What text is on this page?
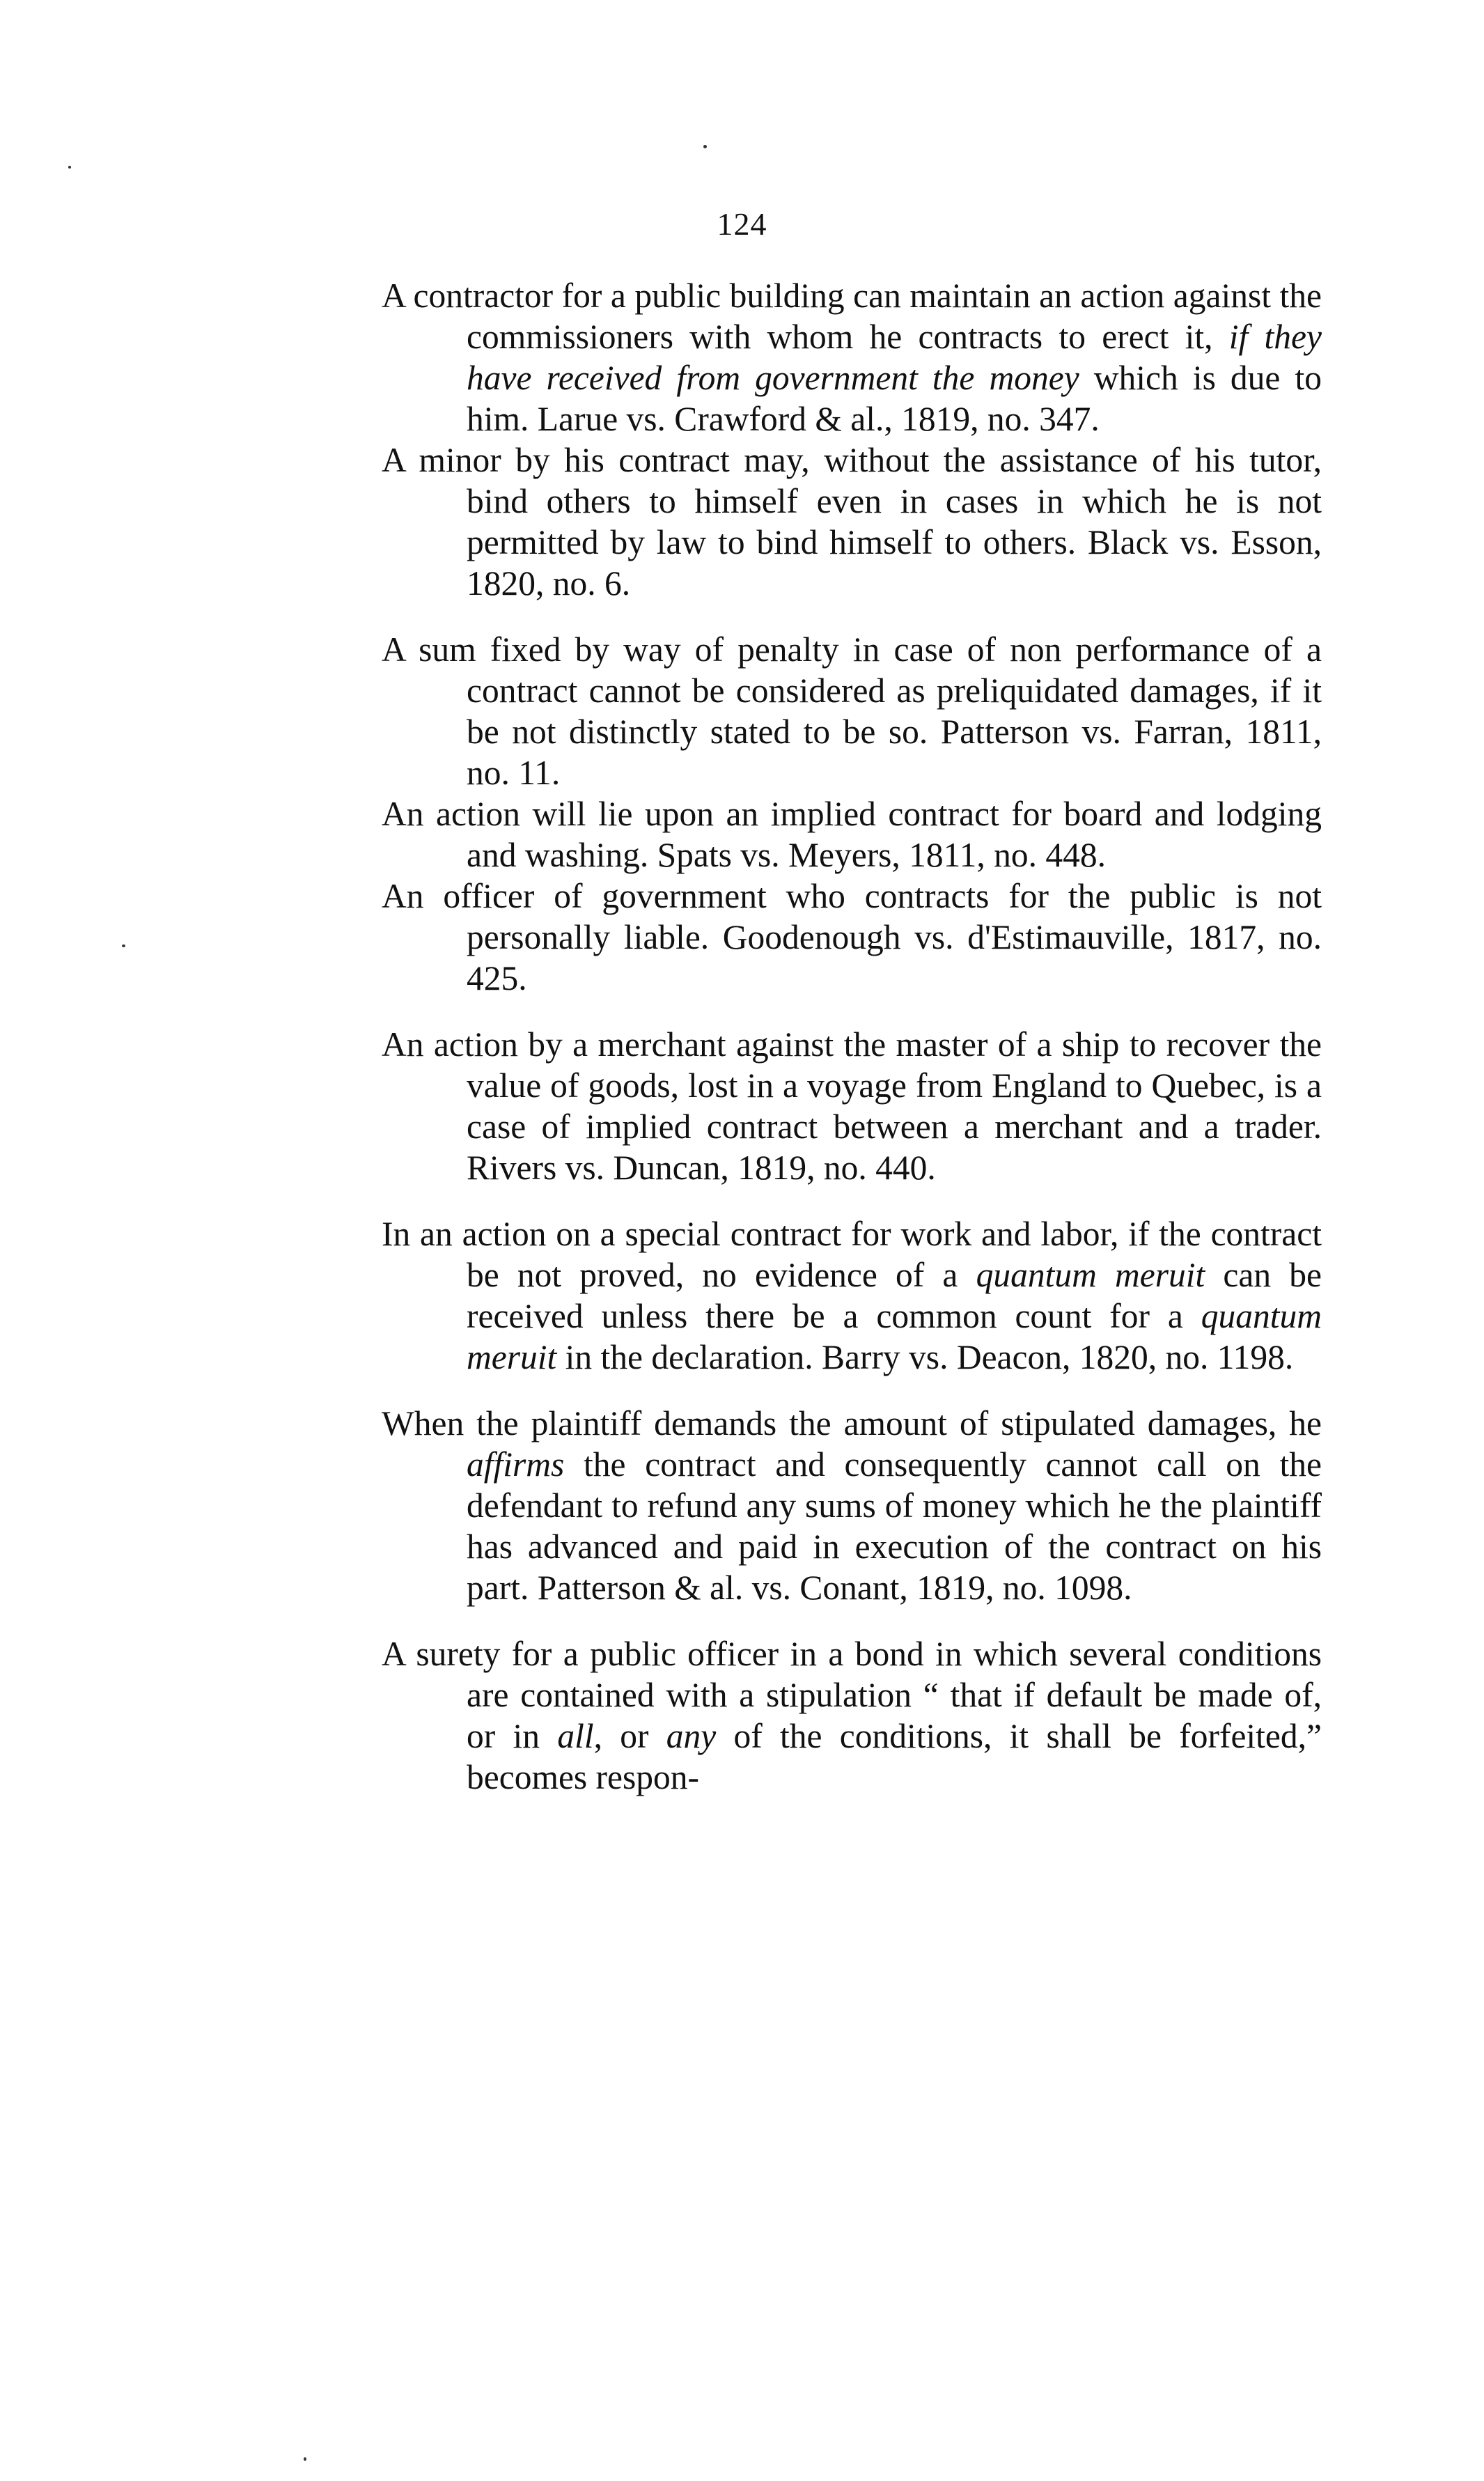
124

A contractor for a public building can maintain an action against the commissioners with whom he contracts to erect it, if they have received from government the money which is due to him. Larue vs. Crawford & al., 1819, no. 347.

A minor by his contract may, without the assistance of his tutor, bind others to himself even in cases in which he is not permitted by law to bind himself to others. Black vs. Esson, 1820, no. 6.

A sum fixed by way of penalty in case of non performance of a contract cannot be considered as preliquidated damages, if it be not distinctly stated to be so. Patterson vs. Farran, 1811, no. 11.

An action will lie upon an implied contract for board and lodging and washing. Spats vs. Meyers, 1811, no. 448.

An officer of government who contracts for the public is not personally liable. Goodenough vs. d'Estimauville, 1817, no. 425.

An action by a merchant against the master of a ship to recover the value of goods, lost in a voyage from England to Quebec, is a case of implied contract between a merchant and a trader. Rivers vs. Duncan, 1819, no. 440.

In an action on a special contract for work and labor, if the contract be not proved, no evidence of a quantum meruit can be received unless there be a common count for a quantum meruit in the declaration. Barry vs. Deacon, 1820, no. 1198.

When the plaintiff demands the amount of stipulated damages, he affirms the contract and consequently cannot call on the defendant to refund any sums of money which he the plaintiff has advanced and paid in execution of the contract on his part. Patterson & al. vs. Conant, 1819, no. 1098.

A surety for a public officer in a bond in which several conditions are contained with a stipulation “ that if default be made of, or in all, or any of the conditions, it shall be forfeited,” becomes respon-
